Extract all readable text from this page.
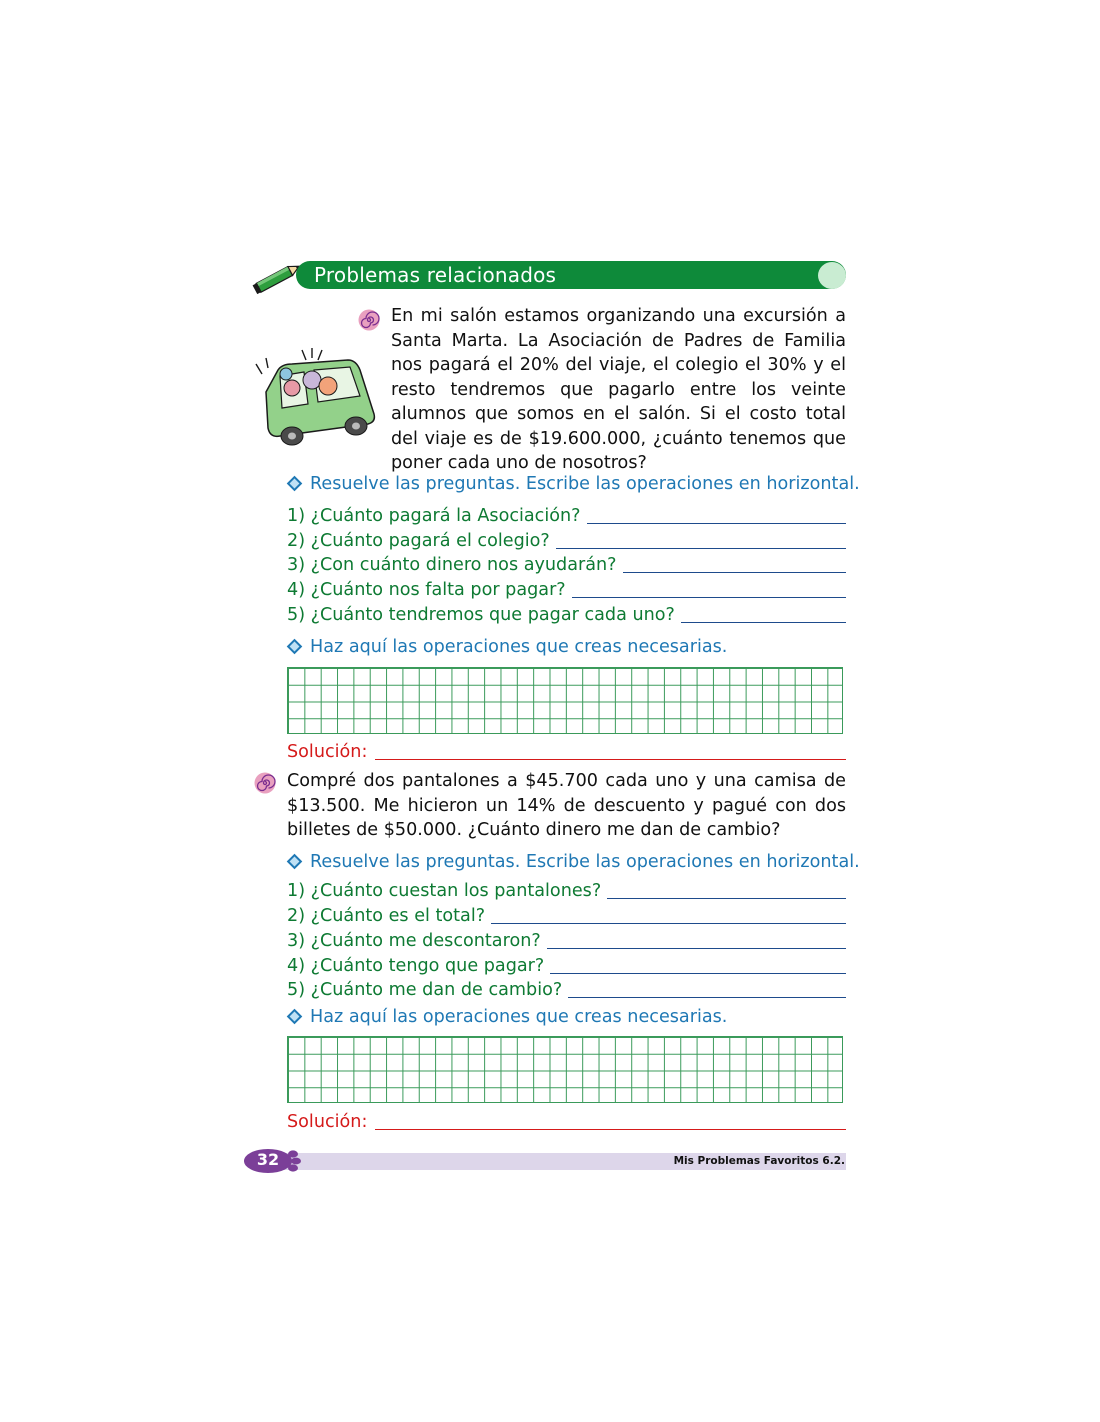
Problemas relacionados
En mi salón estamos organizando una excursión a Santa Marta. La Asociación de Padres de Familia nos pagará el 20% del viaje, el colegio el 30% y el resto tendremos que pagarlo entre los veinte alumnos que somos en el salón. Si el costo total del viaje es de $19.600.000, ¿cuánto tenemos que poner cada uno de nosotros?
Resuelve las preguntas. Escribe las operaciones en horizontal.
1) ¿Cuánto pagará la Asociación?
2) ¿Cuánto pagará el colegio?
3) ¿Con cuánto dinero nos ayudarán?
4) ¿Cuánto nos falta por pagar?
5) ¿Cuánto tendremos que pagar cada uno?
Haz aquí las operaciones que creas necesarias.
Solución:
Compré dos pantalones a $45.700 cada uno y una camisa de $13.500. Me hicieron un 14% de descuento y pagué con dos billetes de $50.000. ¿Cuánto dinero me dan de cambio?
Resuelve las preguntas. Escribe las operaciones en horizontal.
1) ¿Cuánto cuestan los pantalones?
2) ¿Cuánto es el total?
3) ¿Cuánto me descontaron?
4) ¿Cuánto tengo que pagar?
5) ¿Cuánto me dan de cambio?
Haz aquí las operaciones que creas necesarias.
Solución:
32	Mis Problemas Favoritos 6.2.
